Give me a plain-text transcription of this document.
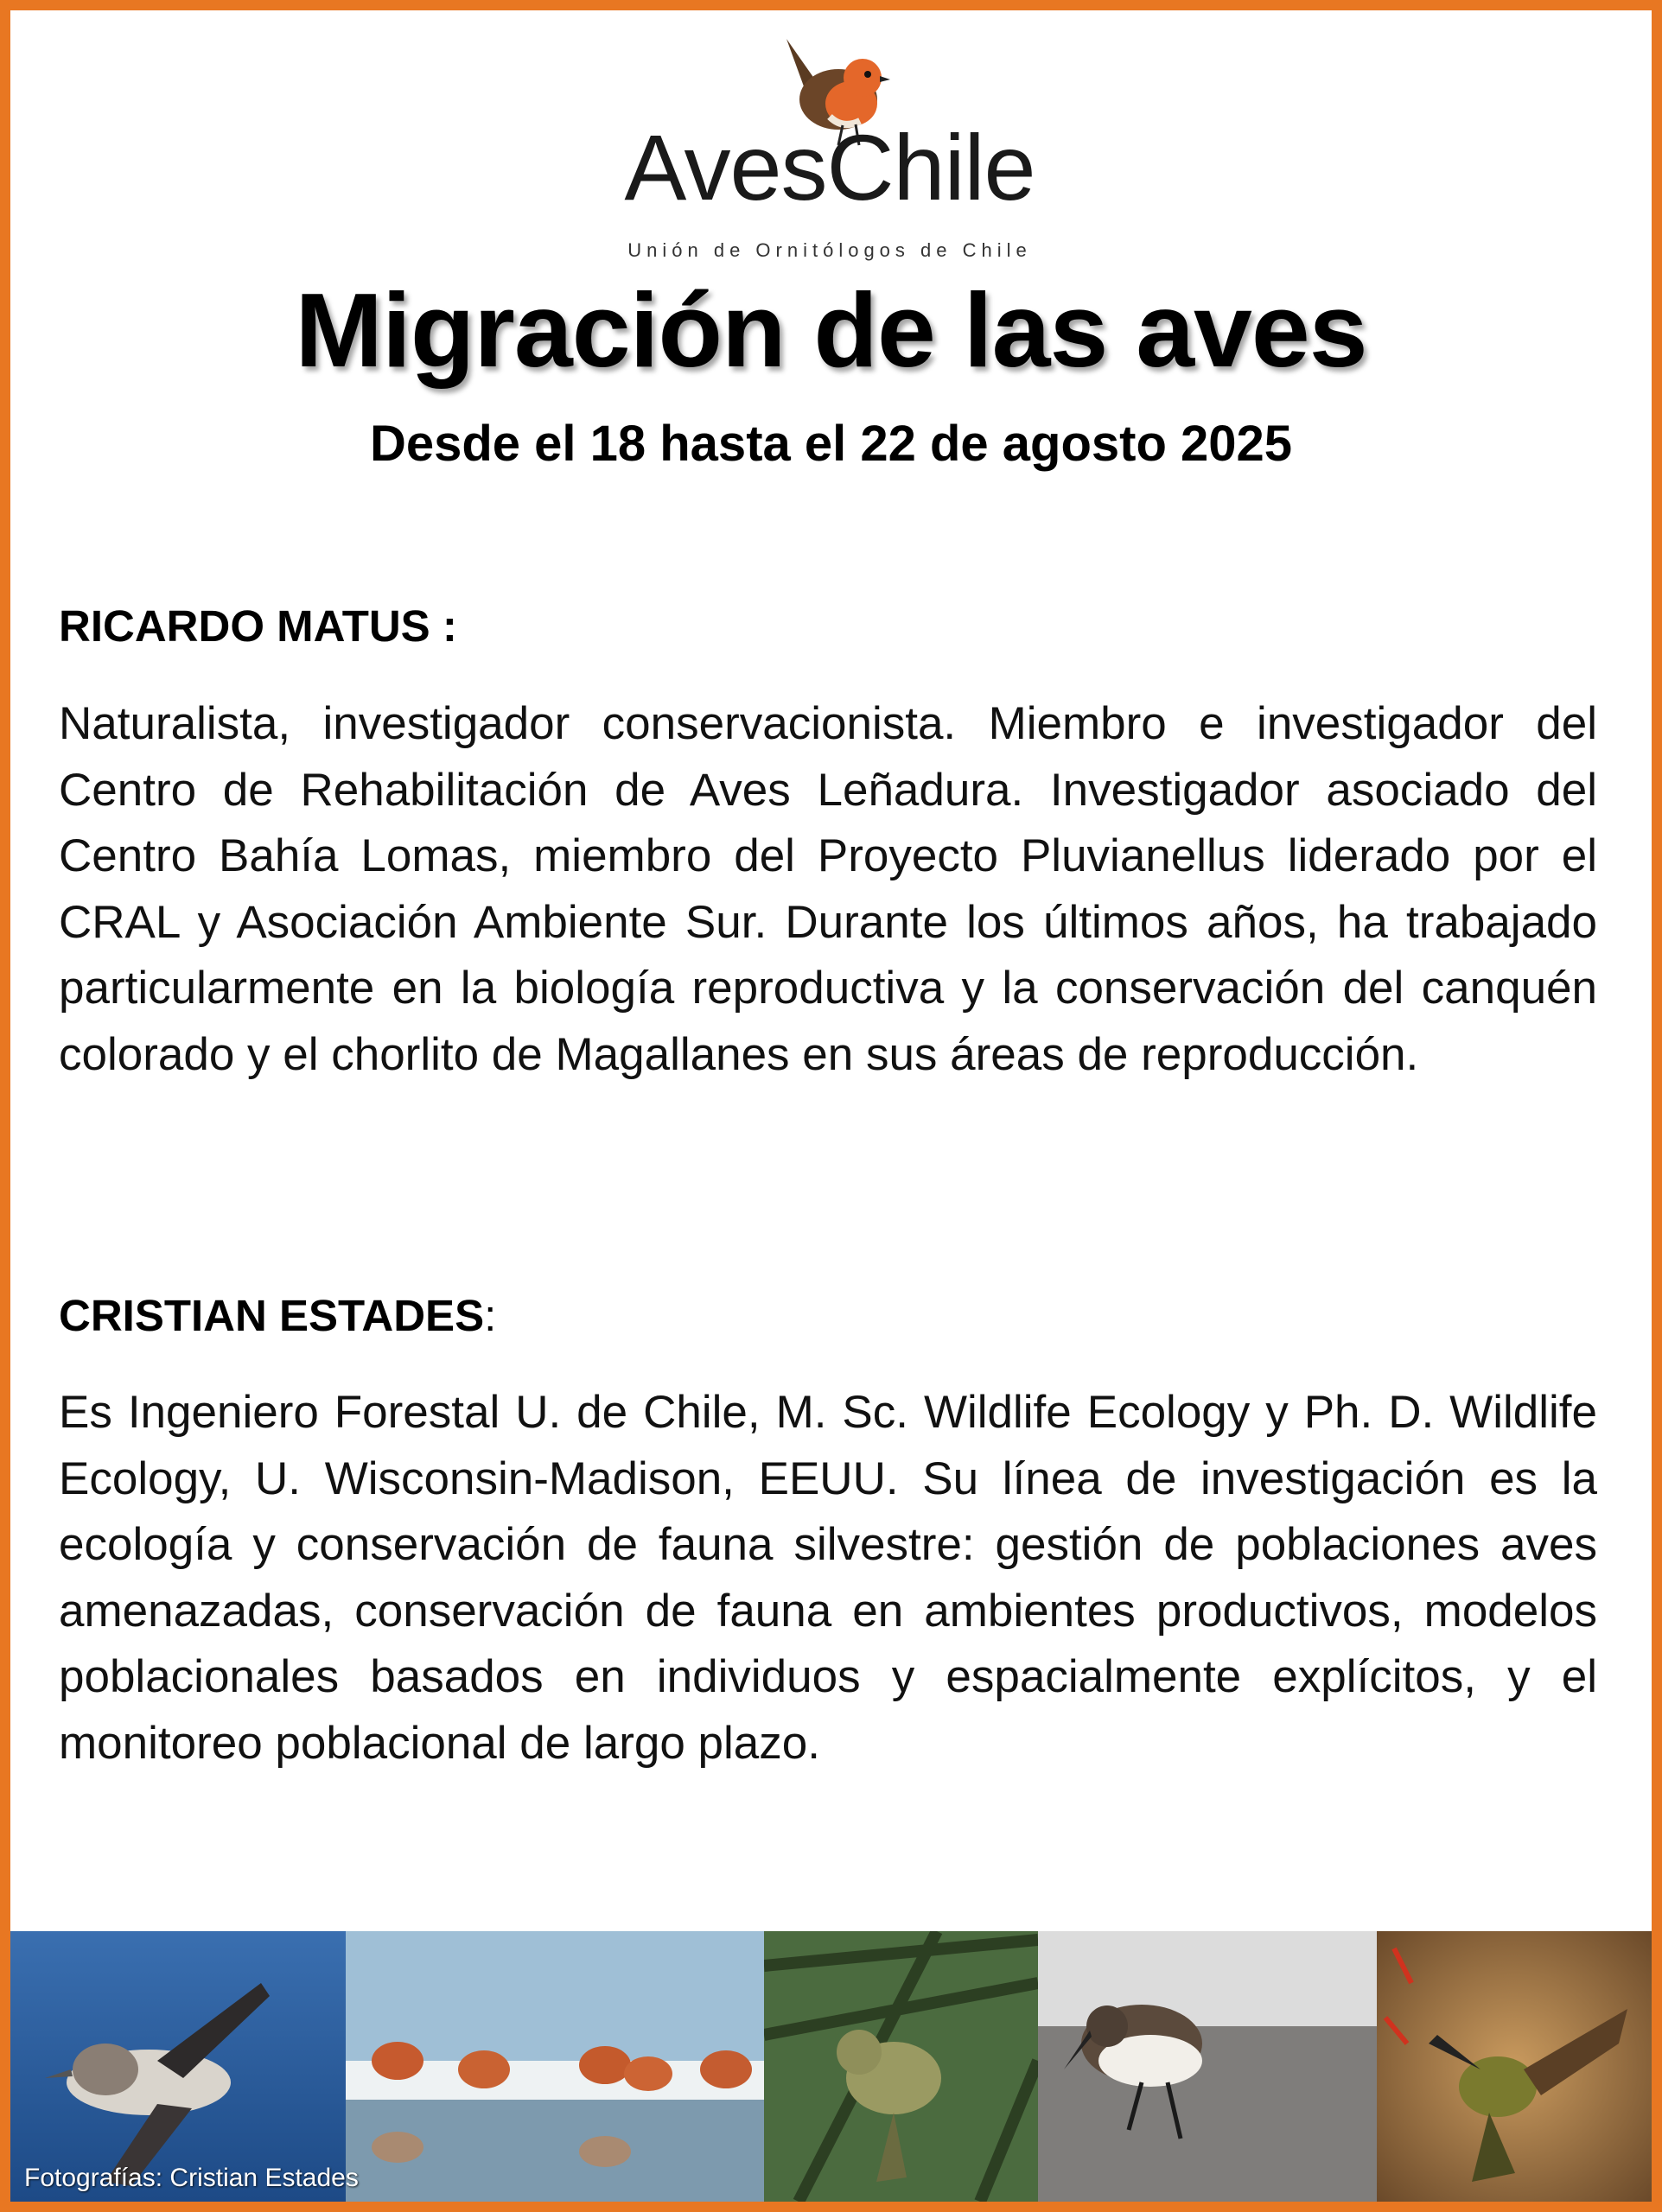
AvesChile
Unión de Ornitólogos de Chile
Migración de las aves
Desde el 18 hasta el 22 de agosto 2025
RICARDO MATUS :
Naturalista, investigador conservacionista. Miembro e investigador del Centro de Rehabilitación de Aves Leñadura. Investigador asociado del Centro Bahía Lomas, miembro del Proyecto Pluvianellus liderado por el CRAL y Asociación Ambiente Sur. Durante los últimos años, ha trabajado particularmente en la biología reproductiva y la conservación del canquén colorado y el chorlito de Magallanes en sus áreas de reproducción.
CRISTIAN ESTADES:
Es Ingeniero Forestal U. de Chile, M. Sc. Wildlife Ecology y Ph. D. Wildlife Ecology, U. Wisconsin-Madison, EEUU. Su línea de investigación es la ecología y conservación de fauna silvestre: gestión de poblaciones aves amenazadas, conservación de fauna en ambientes productivos, modelos poblacionales basados en individuos y espacialmente explícitos, y el monitoreo poblacional de largo plazo.
Fotografías: Cristian Estades
